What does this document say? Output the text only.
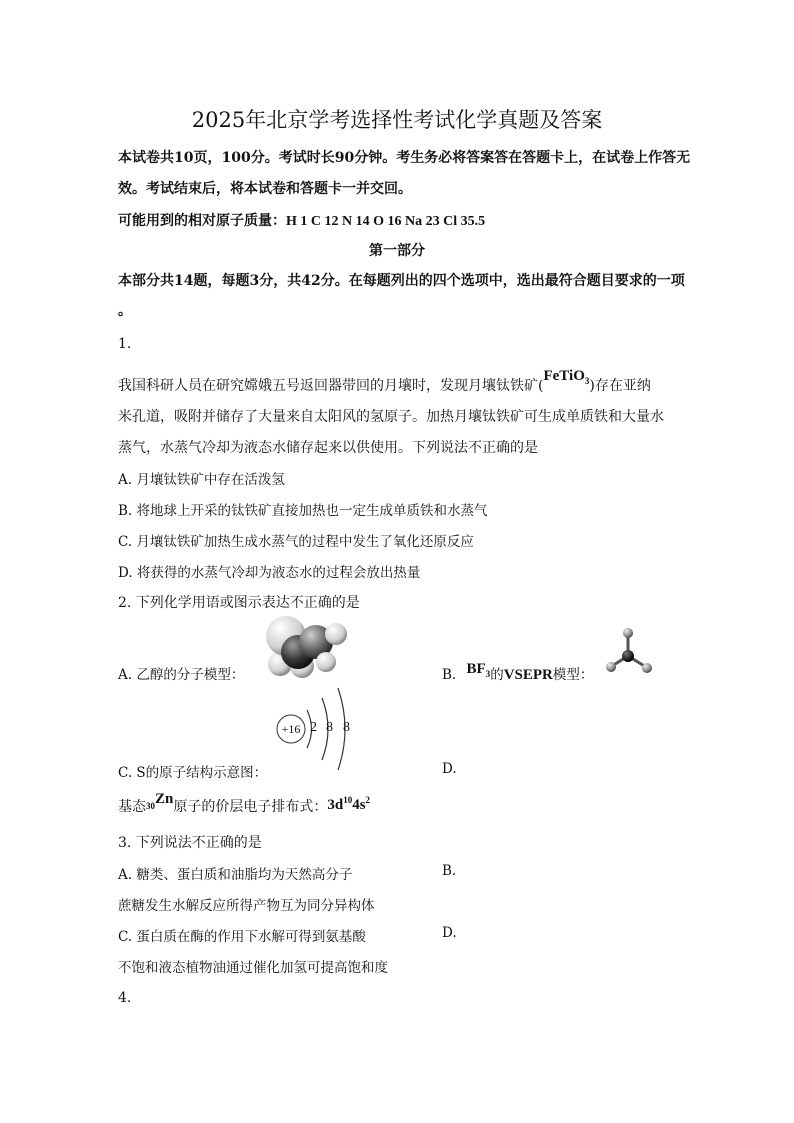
2025年北京学考选择性考试化学真题及答案
本试卷共10页，100分。考试时长90分钟。考生务必将答案答在答题卡上，在试卷上作答无
效。考试结束后，将本试卷和答题卡一并交回。
可能用到的相对原子质量：H 1 C 12 N 14 O 16 Na 23 Cl 35.5
第一部分
本部分共14题，每题3分，共42分。在每题列出的四个选项中，选出最符合题目要求的一项
。
1.
我国科研人员在研究嫦娥五号返回器带回的月壤时，发现月壤钛铁矿(FeTiO$_3$)存在亚纳
米孔道，吸附并储存了大量来自太阳风的氢原子。加热月壤钛铁矿可生成单质铁和大量水
蒸气，水蒸气冷却为液态水储存起来以供使用。下列说法不正确的是
A. 月壤钛铁矿中存在活泼氢
B. 将地球上开采的钛铁矿直接加热也一定生成单质铁和水蒸气
C. 月壤钛铁矿加热生成水蒸气的过程中发生了氧化还原反应
D. 将获得的水蒸气冷却为液态水的过程会放出热量
2. 下列化学用语或图示表达不正确的是
A. 乙醇的分子模型：	B. $BF_3$的VSEPR模型：
+16 2 8 8
C. S的原子结构示意图：	D.
基态30Zn原子的价层电子排布式：$3d^{10}4s^2$
3. 下列说法不正确的是
A. 糖类、蛋白质和油脂均为天然高分子	B.
蔗糖发生水解反应所得产物互为同分异构体
C. 蛋白质在酶的作用下水解可得到氨基酸	D.
不饱和液态植物油通过催化加氢可提高饱和度
4.
